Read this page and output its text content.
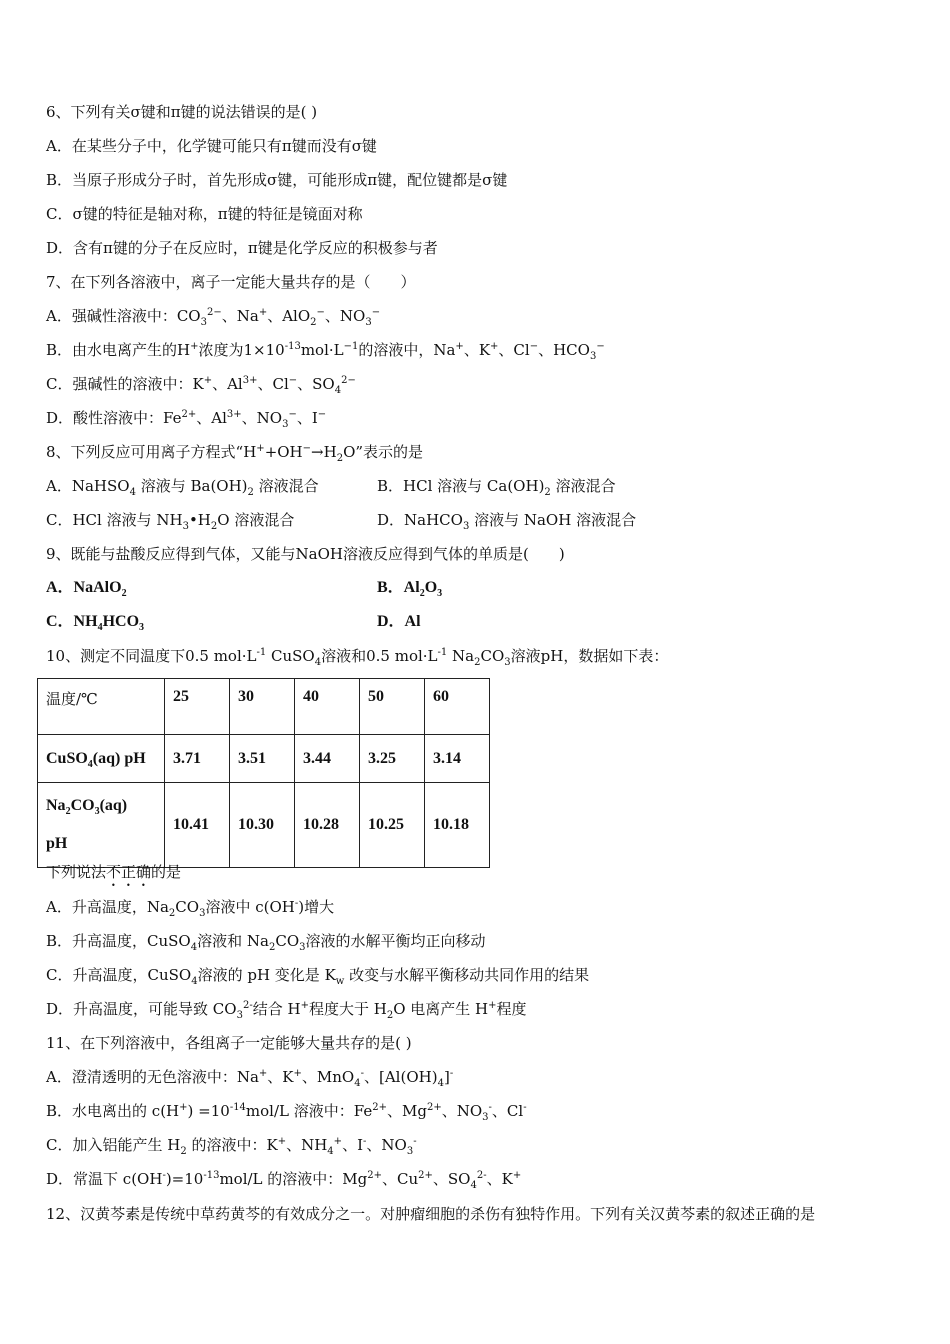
6、下列有关σ键和π键的说法错误的是( )
A．在某些分子中，化学键可能只有π键而没有σ键
B．当原子形成分子时，首先形成σ键，可能形成π键，配位键都是σ键
C．σ键的特征是轴对称，π键的特征是镜面对称
D．含有π键的分子在反应时，π键是化学反应的积极参与者
7、在下列各溶液中，离子一定能大量共存的是（　　）
A．强碱性溶液中：$CO_3^{2-}$、Na+、AlO$_2$−、$NO_3^-$
B．由水电离产生的H+浓度为$1\times 10^{-13}mol\cdot L^{-1}$的溶液中，Na+、K+、Cl−、$HCO_3^-$
C．强碱性的溶液中：K+、$Al^{3+}$、Cl−、$SO_4^{2-}$
D．酸性溶液中：$Fe^{2+}$、$Al^{3+}$、$NO_3^-$、I−
8、下列反应可用离子方程式“$H^++OH^-\to H_2O$”表示的是
A．NaHSO$_4$ 溶液与 $Ba(OH)_2$ 溶液混合	B．HCl 溶液与 $Ca(OH)_2$ 溶液混合
C．HCl 溶液与 $NH_3•H_2O$ 溶液混合	D．NaHCO$_3$ 溶液与 NaOH 溶液混合
9、既能与盐酸反应得到气体，又能与NaOH溶液反应得到气体的单质是(　　)
A．NaAlO$_2$	B．$Al_2O_3$
C．$NH_4HCO_3$	D．Al
10、测定不同温度下0.5 $mol\cdot L^{-1}$ CuSO$_4$溶液和0.5 $mol\cdot L^{-1}$ $Na_2CO_3$溶液pH，数据如下表：
温度/℃	25	30	40	50	60
CuSO$_4$(aq) pH	3.71	3.51	3.44	3.25	3.14
$Na_2CO_3(aq)$
pH	10.41	10.30	10.28	10.25	10.18
下列说法不正确的是
A．升高温度，$Na_2CO_3$溶液中 c(OH-)增大
B．升高温度，CuSO$_4$溶液和 $Na_2CO_3$溶液的水解平衡均正向移动
C．升高温度，CuSO$_4$溶液的 pH 变化是 $K_w$ 改变与水解平衡移动共同作用的结果
D．升高温度，可能导致 $CO_3^{2-}$结合 H+程度大于 $H_2O$ 电离产生 H+程度
11、在下列溶液中，各组离子一定能够大量共存的是( )
A．澄清透明的无色溶液中：Na+、K+、MnO$_4$-、$[Al(OH)_4]^-$
B．水电离出的 $c(H^+) =10^{-14}mol/L$ 溶液中：$Fe^{2+}$、$Mg^{2+}$、$NO_3^-$、Cl-
C．加入铝能产生 $H_2$ 的溶液中：K+、$NH_4^+$、I-、$NO_3^-$
D．常温下 $c(OH^-)=10^{-13}mol/L$ 的溶液中：$Mg^{2+}$、$Cu^{2+}$、$SO_4^{2-}$、K+
12、汉黄芩素是传统中草药黄芩的有效成分之一。对肿瘤细胞的杀伤有独特作用。下列有关汉黄芩素的叙述正确的是
